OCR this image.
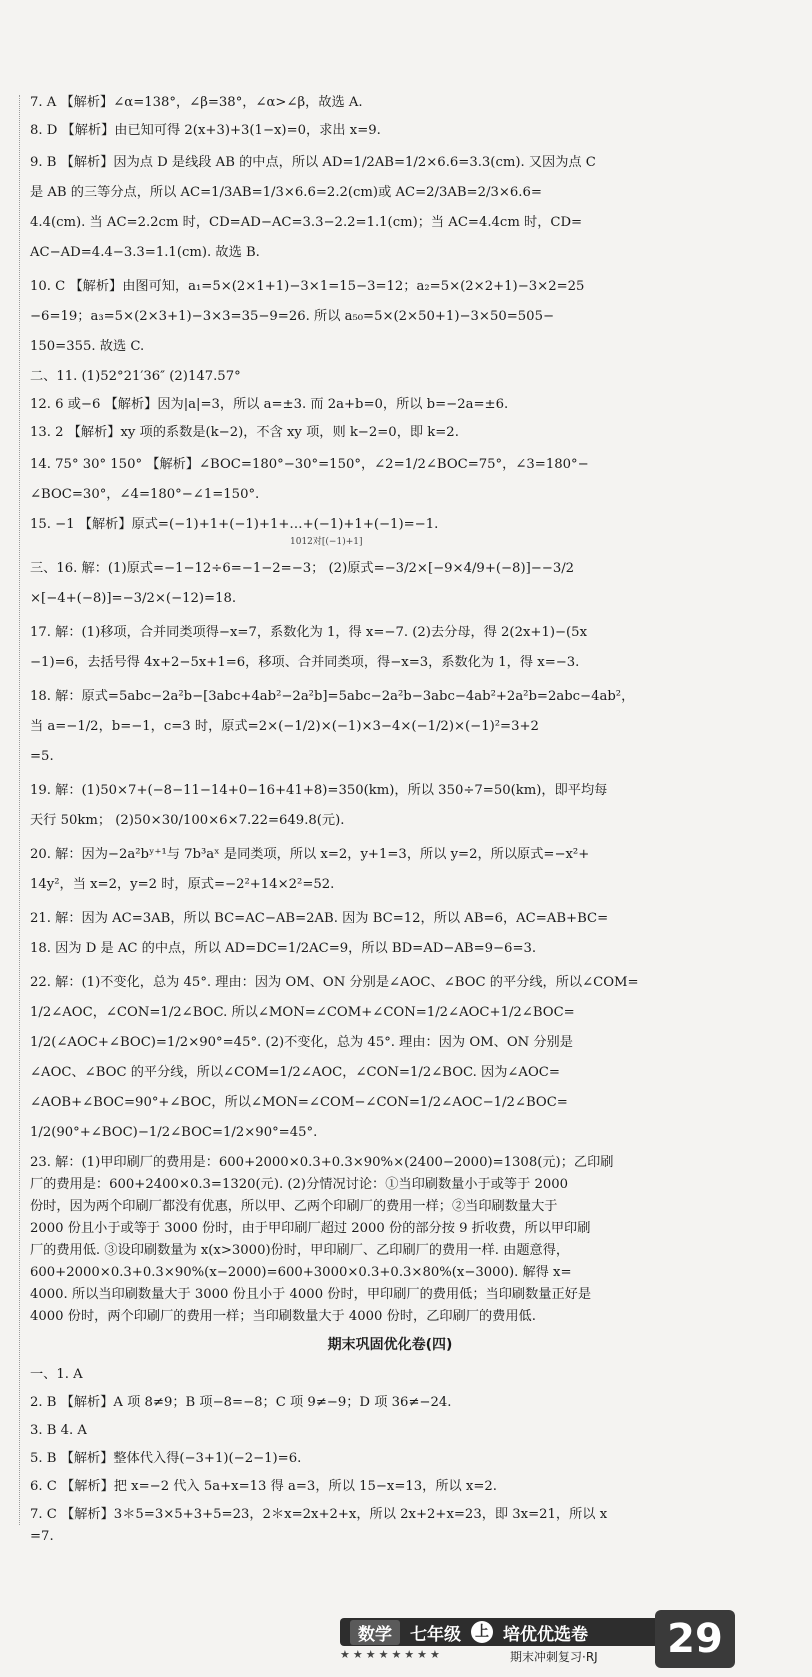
7. A 【解析】∠α=138°，∠β=38°，∠α>∠β，故选 A.
8. D 【解析】由已知可得 2(x+3)+3(1−x)=0，求出 x=9.
9. B 【解析】因为点 D 是线段 AB 的中点，所以 AD=1/2AB=1/2×6.6=3.3(cm). 又因为点 C
是 AB 的三等分点，所以 AC=1/3AB=1/3×6.6=2.2(cm)或 AC=2/3AB=2/3×6.6=
4.4(cm). 当 AC=2.2cm 时，CD=AD−AC=3.3−2.2=1.1(cm)；当 AC=4.4cm 时，CD=
AC−AD=4.4−3.3=1.1(cm). 故选 B.
10. C 【解析】由图可知，a₁=5×(2×1+1)−3×1=15−3=12；a₂=5×(2×2+1)−3×2=25
−6=19；a₃=5×(2×3+1)−3×3=35−9=26. 所以 a₅₀=5×(2×50+1)−3×50=505−
150=355. 故选 C.
二、11. (1)52°21′36″ (2)147.57°
12. 6 或−6 【解析】因为|a|=3，所以 a=±3. 而 2a+b=0，所以 b=−2a=±6.
13. 2 【解析】xy 项的系数是(k−2)，不含 xy 项，则 k−2=0，即 k=2.
14. 75° 30° 150° 【解析】∠BOC=180°−30°=150°，∠2=1/2∠BOC=75°，∠3=180°−
∠BOC=30°，∠4=180°−∠1=150°.
15. −1 【解析】原式=(−1)+1+(−1)+1+…+(−1)+1+(−1)=−1.
1012对[(−1)+1]
三、16. 解：(1)原式=−1−12÷6=−1−2=−3； (2)原式=−3/2×[−9×4/9+(−8)]−−3/2
×[−4+(−8)]=−3/2×(−12)=18.
17. 解：(1)移项，合并同类项得−x=7，系数化为 1，得 x=−7. (2)去分母，得 2(2x+1)−(5x
−1)=6，去括号得 4x+2−5x+1=6，移项、合并同类项，得−x=3，系数化为 1，得 x=−3.
18. 解：原式=5abc−2a²b−[3abc+4ab²−2a²b]=5abc−2a²b−3abc−4ab²+2a²b=2abc−4ab²，
当 a=−1/2，b=−1，c=3 时，原式=2×(−1/2)×(−1)×3−4×(−1/2)×(−1)²=3+2
=5.
19. 解：(1)50×7+(−8−11−14+0−16+41+8)=350(km)，所以 350÷7=50(km)，即平均每
天行 50km； (2)50×30/100×6×7.22=649.8(元).
20. 解：因为−2a²bʸ⁺¹与 7b³aˣ 是同类项，所以 x=2，y+1=3，所以 y=2，所以原式=−x²+
14y²，当 x=2，y=2 时，原式=−2²+14×2²=52.
21. 解：因为 AC=3AB，所以 BC=AC−AB=2AB. 因为 BC=12，所以 AB=6，AC=AB+BC=
18. 因为 D 是 AC 的中点，所以 AD=DC=1/2AC=9，所以 BD=AD−AB=9−6=3.
22. 解：(1)不变化，总为 45°. 理由：因为 OM、ON 分别是∠AOC、∠BOC 的平分线，所以∠COM=
1/2∠AOC，∠CON=1/2∠BOC. 所以∠MON=∠COM+∠CON=1/2∠AOC+1/2∠BOC=
1/2(∠AOC+∠BOC)=1/2×90°=45°. (2)不变化，总为 45°. 理由：因为 OM、ON 分别是
∠AOC、∠BOC 的平分线，所以∠COM=1/2∠AOC，∠CON=1/2∠BOC. 因为∠AOC=
∠AOB+∠BOC=90°+∠BOC，所以∠MON=∠COM−∠CON=1/2∠AOC−1/2∠BOC=
1/2(90°+∠BOC)−1/2∠BOC=1/2×90°=45°.
23. 解：(1)甲印刷厂的费用是：600+2000×0.3+0.3×90%×(2400−2000)=1308(元)；乙印刷
厂的费用是：600+2400×0.3=1320(元). (2)分情况讨论：①当印刷数量小于或等于 2000
份时，因为两个印刷厂都没有优惠，所以甲、乙两个印刷厂的费用一样；②当印刷数量大于
2000 份且小于或等于 3000 份时，由于甲印刷厂超过 2000 份的部分按 9 折收费，所以甲印刷
厂的费用低. ③设印刷数量为 x(x>3000)份时，甲印刷厂、乙印刷厂的费用一样. 由题意得，
600+2000×0.3+0.3×90%(x−2000)=600+3000×0.3+0.3×80%(x−3000). 解得 x=
4000. 所以当印刷数量大于 3000 份且小于 4000 份时，甲印刷厂的费用低；当印刷数量正好是
4000 份时，两个印刷厂的费用一样；当印刷数量大于 4000 份时，乙印刷厂的费用低.
期末巩固优化卷(四)
一、1. A
2. B 【解析】A 项 8≠9；B 项−8=−8；C 项 9≠−9；D 项 36≠−24.
3. B 4. A
5. B 【解析】整体代入得(−3+1)(−2−1)=6.
6. C 【解析】把 x=−2 代入 5a+x=13 得 a=3，所以 15−x=13，所以 x=2.
7. C 【解析】3＊5=3×5+3+5=23，2＊x=2x+2+x，所以 2x+2+x=23，即 3x=21，所以 x
=7.
数学	七年级 上 培优优选卷
★★★★★★★★	期末冲刺复习·RJ	29
